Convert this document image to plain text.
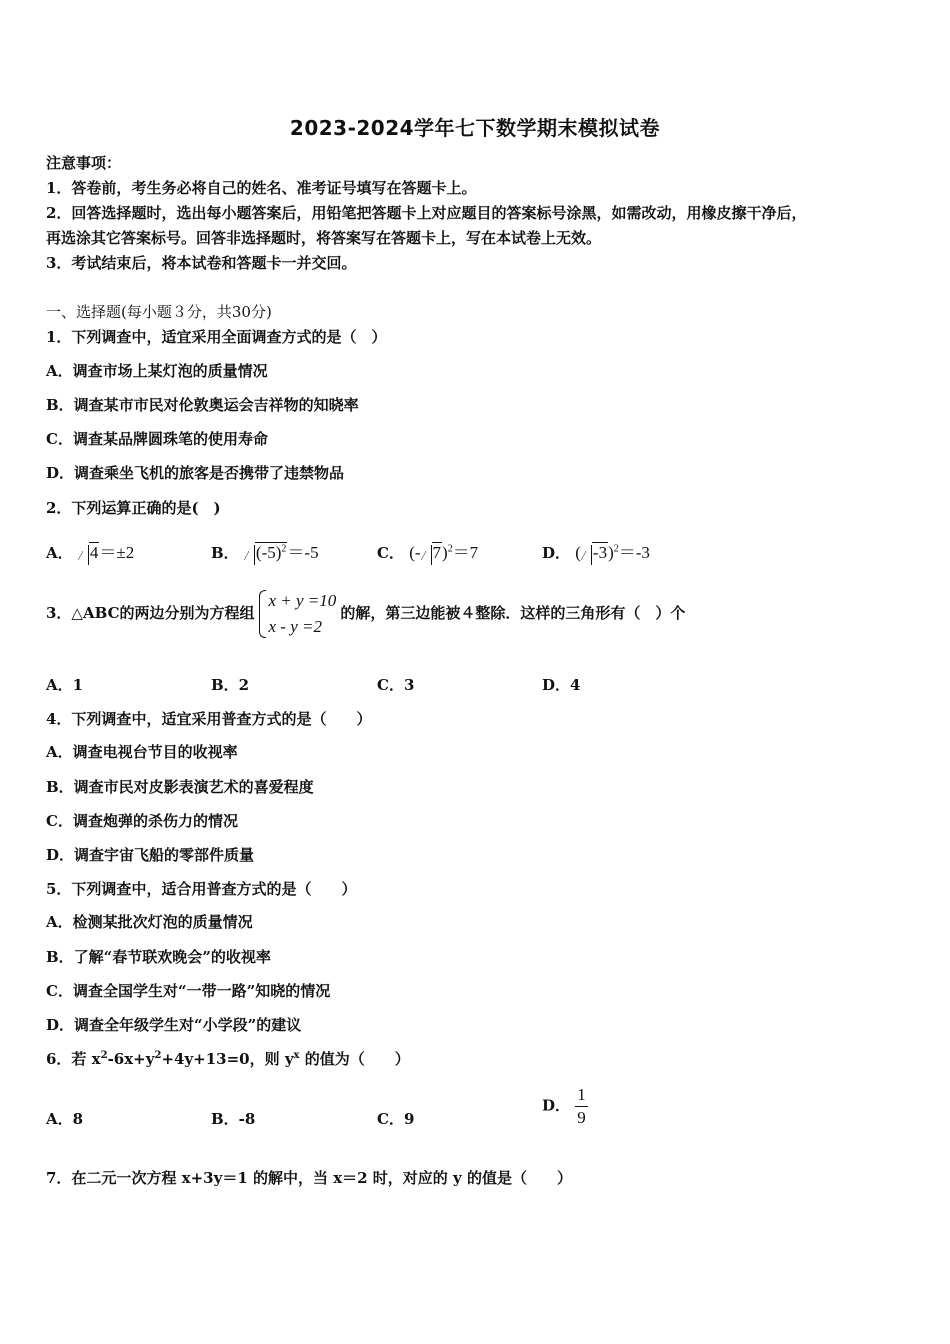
2023-2024学年七下数学期末模拟试卷
注意事项：
1．答卷前，考生务必将自己的姓名、准考证号填写在答题卡上。
2．回答选择题时，选出每小题答案后，用铅笔把答题卡上对应题目的答案标号涂黑，如需改动，用橡皮擦干净后，
再选涂其它答案标号。回答非选择题时，将答案写在答题卡上，写在本试卷上无效。
3．考试结束后，将本试卷和答题卡一并交回。
一、选择题(每小题３分，共30分)
1．下列调查中，适宜采用全面调查方式的是（　）
A．调查市场上某灯泡的质量情况
B．调查某市市民对伦敦奥运会吉祥物的知晓率
C．调查某品牌圆珠笔的使用寿命
D．调查乘坐飞机的旅客是否携带了违禁物品
2．下列运算正确的是(　)
A． 4＝±2	B． $(-5)^2=-5$	C． (- 7)$^2$＝7	D． ( -3)$^2$＝-3
3．△ABC的两边分别为方程组
x + y =10
x - y =2
的解，第三边能被４整除．这样的三角形有（　）个
A．1	B．2	C．3	D．4
4．下列调查中，适宜采用普查方式的是（　　）
A．调查电视台节目的收视率
B．调查市民对皮影表演艺术的喜爱程度
C．调查炮弹的杀伤力的情况
D．调查宇宙飞船的零部件质量
5．下列调查中，适合用普查方式的是（　　）
A．检测某批次灯泡的质量情况
B．了解“春节联欢晚会”的收视率
C．调查全国学生对“一带一路”知晓的情况
D．调查全年级学生对“小学段”的建议
6．若 $x^2-6x+y^2+4y+13=0$，则 $y^x$ 的值为（　　）
A．8	B．-8	C．9
D． $\frac{1}{9}$
7．在二元一次方程 x+3y＝1 的解中，当 x＝2 时，对应的 y 的值是（　　）
